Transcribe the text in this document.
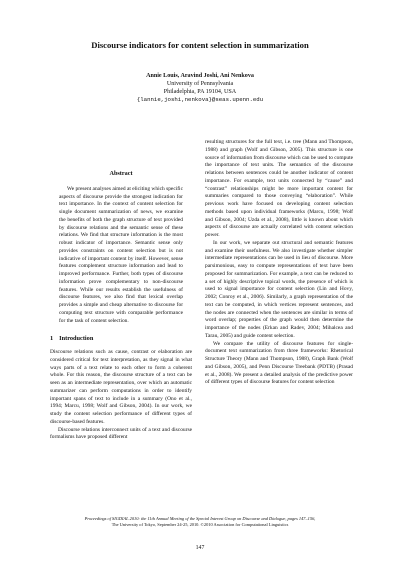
Discourse indicators for content selection in summarization
Annie Louis, Aravind Joshi, Ani Nenkova
University of Pennsylvania
Philadelphia, PA 19104, USA
{lannie,joshi,nenkova}@seas.upenn.edu
Abstract

We present analyses aimed at eliciting which specific aspects of discourse provide the strongest indication for text importance. In the context of content selection for single document summarization of news, we examine the benefits of both the graph structure of text provided by discourse relations and the semantic sense of these relations. We find that structure information is the most robust indicator of importance. Semantic sense only provides constraints on content selection but is not indicative of important content by itself. However, sense features complement structure information and lead to improved performance. Further, both types of discourse information prove complementary to non-discourse features. While our results establish the usefulness of discourse features, we also find that lexical overlap provides a simple and cheap alternative to discourse for computing text structure with comparable performance for the task of content selection.

1 Introduction

Discourse relations such as cause, contrast or elaboration are considered critical for text interpretation, as they signal in what ways parts of a text relate to each other to form a coherent whole. For this reason, the discourse structure of a text can be seen as an intermediate representation, over which an automatic summarizer can perform computations in order to identify important spans of text to include in a summary (Ono et al., 1994; Marcu, 1998; Wolf and Gibson, 2004). In our work, we study the content selection performance of different types of discourse-based features.

Discourse relations interconnect units of a text and discourse formalisms have proposed different

resulting structures for the full text, i.e. tree (Mann and Thompson, 1988) and graph (Wolf and Gibson, 2005). This structure is one source of information from discourse which can be used to compute the importance of text units. The semantics of the discourse relations between sentences could be another indicator of content importance. For example, text units connected by “cause” and “contrast” relationships might be more important content for summaries compared to those conveying “elaboration”. While previous work have focused on developing content selection methods based upon individual frameworks (Marcu, 1998; Wolf and Gibson, 2004; Uzda et al., 2008), little is known about which aspects of discourse are actually correlated with content selection power.

In our work, we separate out structural and semantic features and examine their usefulness. We also investigate whether simpler intermediate representations can be used in lieu of discourse. More parsimonious, easy to compute representations of text have been proposed for summarization. For example, a text can be reduced to a set of highly descriptive topical words, the presence of which is used to signal importance for content selection (Lin and Hovy, 2002; Conroy et al., 2006). Similarly, a graph representation of the text can be computed, in which vertices represent sentences, and the nodes are connected when the sentences are similar in terms of word overlap; properties of the graph would then determine the importance of the nodes (Erkan and Radev, 2004; Mihalcea and Tarau, 2005) and guide content selection.

We compare the utility of discourse features for single-document text summarization from three frameworks: Rhetorical Structure Theory (Mann and Thompson, 1988), Graph Bank (Wolf and Gibson, 2005), and Penn Discourse Treebank (PDTB) (Prasad et al., 2008). We present a detailed analysis of the predictive power of different types of discourse features for content selection

Proceedings of SIGDIAL 2010: the 11th Annual Meeting of the Special Interest Group on Discourse and Dialogue, pages 147–156,
The University of Tokyo, September 24-25, 2010. ©2010 Association for Computational Linguistics
147
